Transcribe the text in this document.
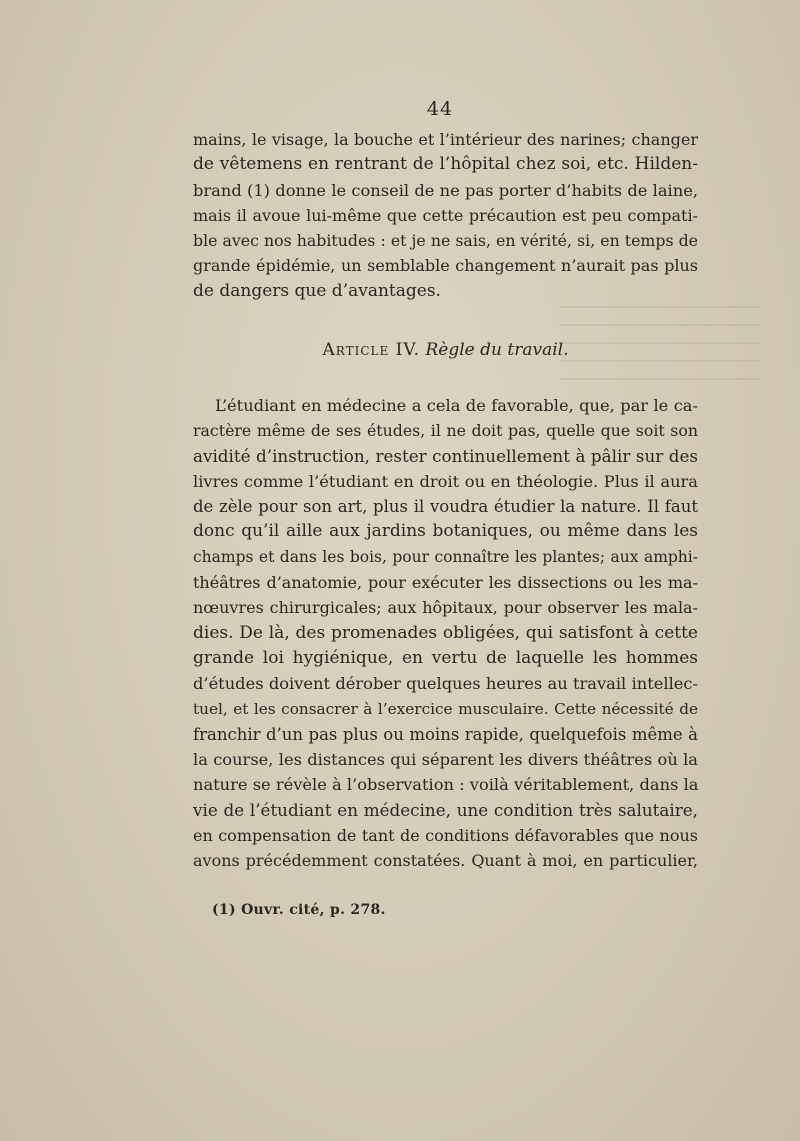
44
mains, le visage, la bouche et l’intérieur des narines; changer
de vêtemens en rentrant de l’hôpital chez soi, etc. Hilden-
brand (1) donne le conseil de ne pas porter d’habits de laine,
mais il avoue lui-même que cette précaution est peu compati-
ble avec nos habitudes : et je ne sais, en vérité, si, en temps de
grande épidémie, un semblable changement n’aurait pas plus
de dangers que d’avantages.
Article IV. Règle du travail.
L’étudiant en médecine a cela de favorable, que, par le ca-
ractère même de ses études, il ne doit pas, quelle que soit son
avidité d’instruction, rester continuellement à pâlir sur des
livres comme l’étudiant en droit ou en théologie. Plus il aura
de zèle pour son art, plus il voudra étudier la nature. Il faut
donc qu’il aille aux jardins botaniques, ou même dans les
champs et dans les bois, pour connaître les plantes; aux amphi-
théâtres d’anatomie, pour exécuter les dissections ou les ma-
nœuvres chirurgicales; aux hôpitaux, pour observer les mala-
dies. De là, des promenades obligées, qui satisfont à cette
grande loi hygiénique, en vertu de laquelle les hommes
d’études doivent dérober quelques heures au travail intellec-
tuel, et les consacrer à l’exercice musculaire. Cette nécessité de
franchir d’un pas plus ou moins rapide, quelquefois même à
la course, les distances qui séparent les divers théâtres où la
nature se révèle à l’observation : voilà véritablement, dans la
vie de l’étudiant en médecine, une condition très salutaire,
en compensation de tant de conditions défavorables que nous
avons précédemment constatées. Quant à moi, en particulier,
(1) Ouvr. cité, p. 278.
